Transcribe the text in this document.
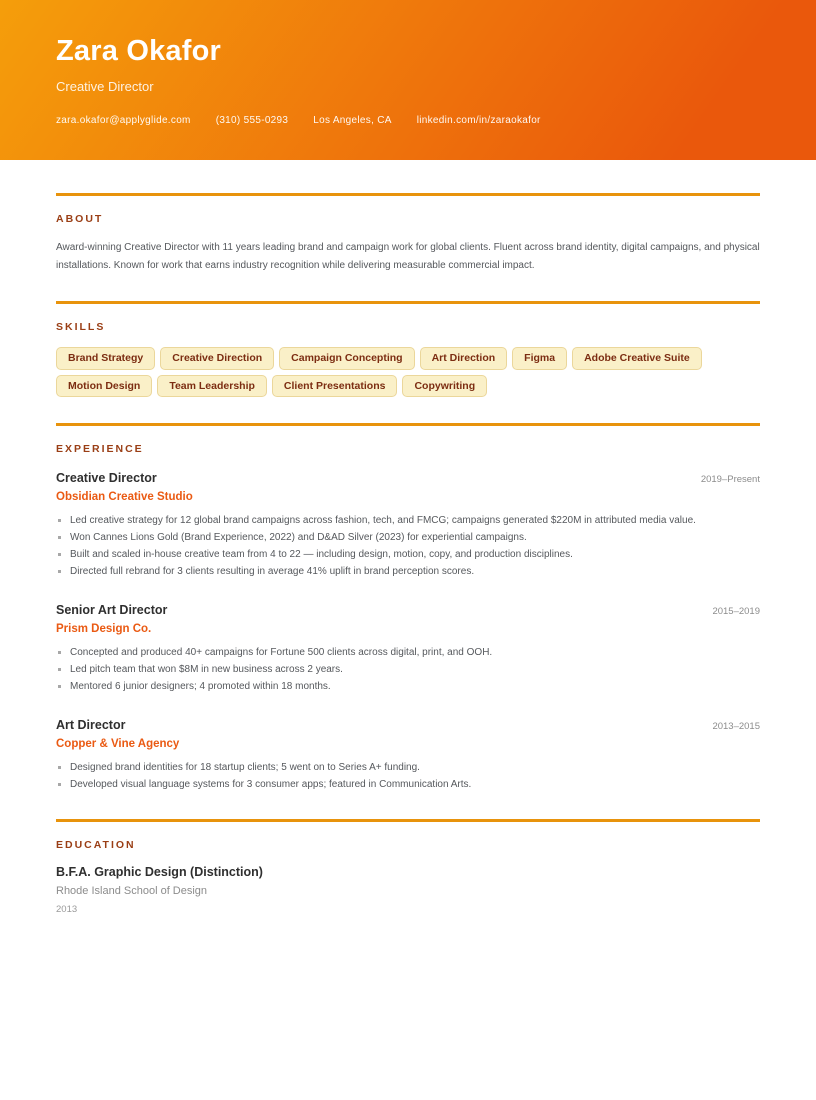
Zara Okafor
Creative Director
zara.okafor@applyglide.com	(310) 555-0293	Los Angeles, CA	linkedin.com/in/zaraokafor
ABOUT

Award-winning Creative Director with 11 years leading brand and campaign work for global clients. Fluent across brand identity, digital campaigns, and physical installations. Known for work that earns industry recognition while delivering measurable commercial impact.

SKILLS
Brand Strategy	Creative Direction	Campaign Concepting	Art Direction	Figma	Adobe Creative Suite
Motion Design	Team Leadership	Client Presentations	Copywriting
EXPERIENCE
Creative Director	2019–Present
Obsidian Creative Studio
Led creative strategy for 12 global brand campaigns across fashion, tech, and FMCG; campaigns generated $220M in attributed media value.
Won Cannes Lions Gold (Brand Experience, 2022) and D&AD Silver (2023) for experiential campaigns.
Built and scaled in-house creative team from 4 to 22 — including design, motion, copy, and production disciplines.
Directed full rebrand for 3 clients resulting in average 41% uplift in brand perception scores.
Senior Art Director	2015–2019
Prism Design Co.
Concepted and produced 40+ campaigns for Fortune 500 clients across digital, print, and OOH.
Led pitch team that won $8M in new business across 2 years.
Mentored 6 junior designers; 4 promoted within 18 months.
Art Director	2013–2015
Copper & Vine Agency
Designed brand identities for 18 startup clients; 5 went on to Series A+ funding.
Developed visual language systems for 3 consumer apps; featured in Communication Arts.
EDUCATION
B.F.A. Graphic Design (Distinction)
Rhode Island School of Design
2013
